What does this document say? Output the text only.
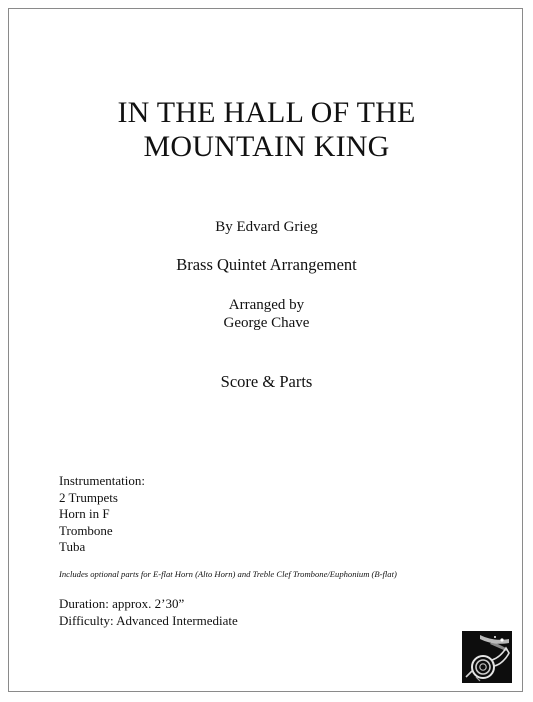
IN THE HALL OF THE
MOUNTAIN KING

By Edvard Grieg

Brass Quintet Arrangement

Arranged by
George Chave

Score & Parts

Instrumentation:
2 Trumpets
Horn in F
Trombone
Tuba

Includes optional parts for E-flat Horn (Alto Horn) and Treble Clef Trombone/Euphonium (B-flat)

Duration: approx. 2’30”
Difficulty: Advanced Intermediate
